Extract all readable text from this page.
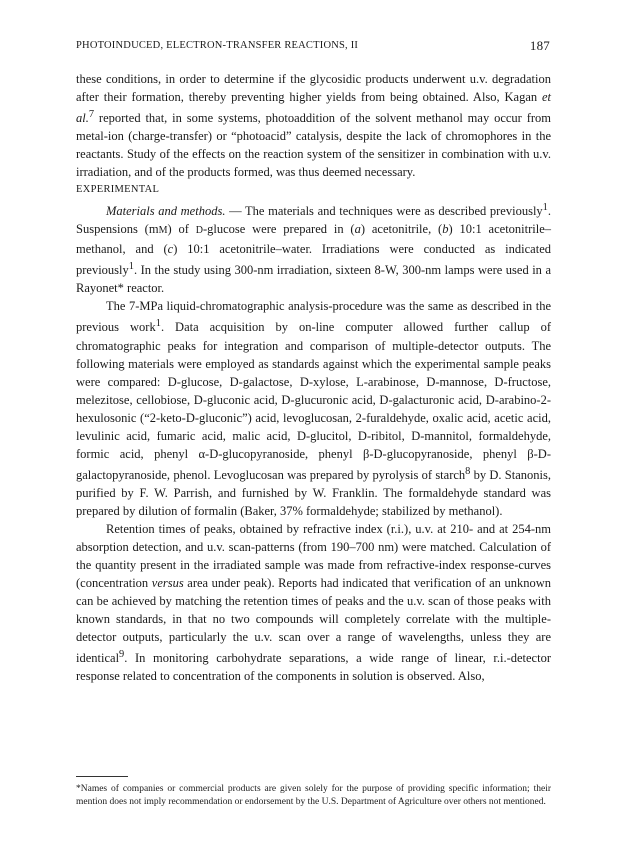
PHOTOINDUCED, ELECTRON-TRANSFER REACTIONS, II	187

these conditions, in order to determine if the glycosidic products underwent u.v. degradation after their formation, thereby preventing higher yields from being obtained. Also, Kagan et al.$^7$ reported that, in some systems, photoaddition of the solvent methanol may occur from metal-ion (charge-transfer) or “photoacid” catalysis, despite the lack of chromophores in the reactants. Study of the effects on the reaction system of the sensitizer in combination with u.v. irradiation, and of the products formed, was thus deemed necessary.

EXPERIMENTAL

Materials and methods. — The materials and techniques were as described previously$^1$. Suspensions (mM) of D-glucose were prepared in (a) acetonitrile, (b) 10:1 acetonitrile–methanol, and (c) 10:1 acetonitrile–water. Irradiations were conducted as indicated previously$^1$. In the study using 300-nm irradiation, sixteen 8-W, 300-nm lamps were used in a Rayonet* reactor.

The 7-MPa liquid-chromatographic analysis-procedure was the same as described in the previous work$^1$. Data acquisition by on-line computer allowed further callup of chromatographic peaks for integration and comparison of multiple-detector outputs. The following materials were employed as standards against which the experimental sample peaks were compared: D-glucose, D-galactose, D-xylose, L-arabinose, D-mannose, D-fructose, melezitose, cellobiose, D-gluconic acid, D-glucuronic acid, D-galacturonic acid, D-arabino-2-hexulosonic (“2-keto-D-gluconic”) acid, levoglucosan, 2-furaldehyde, oxalic acid, acetic acid, levulinic acid, fumaric acid, malic acid, D-glucitol, D-ribitol, D-mannitol, formaldehyde, formic acid, phenyl α-D-glucopyranoside, phenyl β-D-glucopyranoside, phenyl β-D-galactopyranoside, phenol. Levoglucosan was prepared by pyrolysis of starch$^8$ by D. Stanonis, purified by F. W. Parrish, and furnished by W. Franklin. The formaldehyde standard was prepared by dilution of formalin (Baker, 37% formaldehyde; stabilized by methanol).

Retention times of peaks, obtained by refractive index (r.i.), u.v. at 210- and at 254-nm absorption detection, and u.v. scan-patterns (from 190–700 nm) were matched. Calculation of the quantity present in the irradiated sample was made from refractive-index response-curves (concentration versus area under peak). Reports had indicated that verification of an unknown can be achieved by matching the retention times of peaks and the u.v. scan of those peaks with known standards, in that no two compounds will completely correlate with the multiple-detector outputs, particularly the u.v. scan over a range of wavelengths, unless they are identical$^9$. In monitoring carbohydrate separations, a wide range of linear, r.i.-detector response related to concentration of the components in solution is observed. Also,

*Names of companies or commercial products are given solely for the purpose of providing specific information; their mention does not imply recommendation or endorsement by the U.S. Department of Agriculture over others not mentioned.
